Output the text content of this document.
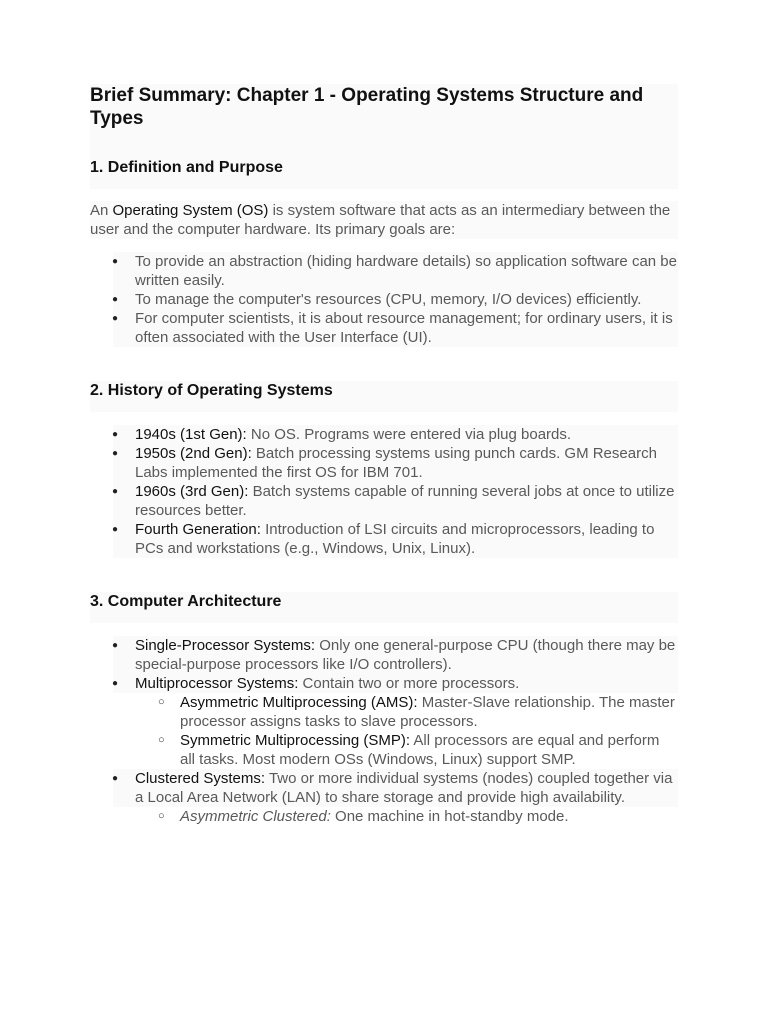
Brief Summary: Chapter 1 - Operating Systems Structure and Types
1. Definition and Purpose

An Operating System (OS) is system software that acts as an intermediary between the user and the computer hardware. Its primary goals are:

● To provide an abstraction (hiding hardware details) so application software can be written easily.
● To manage the computer's resources (CPU, memory, I/O devices) efficiently.
● For computer scientists, it is about resource management; for ordinary users, it is often associated with the User Interface (UI).
2. History of Operating Systems
● 1940s (1st Gen): No OS. Programs were entered via plug boards.
● 1950s (2nd Gen): Batch processing systems using punch cards. GM Research Labs implemented the first OS for IBM 701.
● 1960s (3rd Gen): Batch systems capable of running several jobs at once to utilize resources better.
● Fourth Generation: Introduction of LSI circuits and microprocessors, leading to PCs and workstations (e.g., Windows, Unix, Linux).
3. Computer Architecture
● Single-Processor Systems: Only one general-purpose CPU (though there may be special-purpose processors like I/O controllers).
● Multiprocessor Systems: Contain two or more processors.
○ Asymmetric Multiprocessing (AMS): Master-Slave relationship. The master processor assigns tasks to slave processors.
○ Symmetric Multiprocessing (SMP): All processors are equal and perform all tasks. Most modern OSs (Windows, Linux) support SMP.
● Clustered Systems: Two or more individual systems (nodes) coupled together via a Local Area Network (LAN) to share storage and provide high availability.
○ Asymmetric Clustered: One machine in hot-standby mode.
